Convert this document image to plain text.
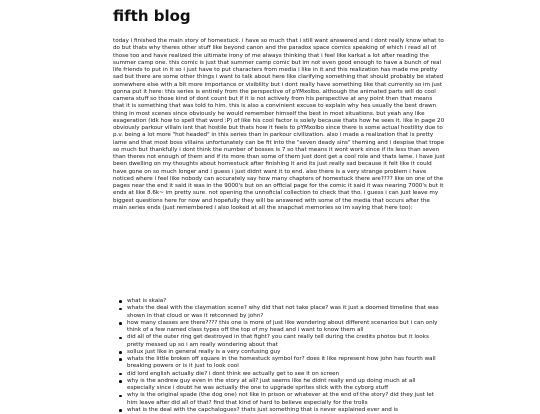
fifth blog

today i finished the main story of homestuck. i have so much that i still want answered and i dont really know what to do but thats why theres other stuff like beyond canon and the paradox space comics speaking of which i read all of those too and have realized the ultimate irony of me always thinking that i feel like karkat a lot after reading the summer camp one. this comic is just that summer camp comic but im not even good enough to have a bunch of real life friends to put in it so i just have to put characters from media i like in it and this realization has made me pretty sad but there are some other things i want to talk about here like clarifying something that should probably be stated somewhere else with a bit more importance or visibility but i dont really have something like that currently so im just gonna put it here: this series is entirely from the perspective of pYMxolbo. although the animated parts will do cool camera stuff so those kind of dont count but if it is not actively from his perspective at any point then that means that it is something that was told to him. this is also a convinient excuse to explain why hes usually the best drawn thing in most scenes since obviously he would remember himself the best in most situations. but yeah any like exageration (idk how to spell that word :P) of like his cool factor is solely because thats how he sees it. like in page 20 obviously parkour villain isnt that hostile but thats how it feels to pYMxolbo since there is some actual hostility due to p.v. being a lot more "hot headed" in this series than in parkour civilization. also i made a realization that is pretty lame and that most boss villains unfortunately can be fit into the "seven deady sins" theming and i despise that trope so much but thankfully i dont think the number of bosses is 7 so that means it wont work since if its less than seven than theres not enough of them and if its more than some of them just dont get a cool role and thats lame. i have just been dwelling on my thoughts about homestuck after finishing it and its just really sad because it felt like it could have gone on so much longer and i guess i just didnt want it to end. also there is a very strange problem i have noticed where i feel like nobody can accurately say how many chapters of homestuck there are???? like on one of the pages near the end it said it was in the 9000's but on an official page for the comic it said it was nearing 7000's but it ends at like 8.6k~ im pretty sure. not opening the unnoficial collection to check that tho. i guess i can just leave my biggest questions here for now and hopefully they will be answered with some of the media that occurs after the main series ends (just remembered i also looked at all the snapchat memories so im saying that here too):

what is skaia?
whats the deal with the claymation scene? why did that not take place? was it just a doomed timeline that was shown in that cloud or was it retconned by john?
how many classes are there???? this one is more of just like wondering about different scenarios but i can only think of a few named class types off the top of my head and i want to know them all
did all of the outer ring get destroyed in that fight? you cant really tell during the credits photos but it looks pretty messed up so i am really wondering about that
sollux just like in general really is a very confusing guy
whats the little broken off square in the homestuck symbol for? does it like represent how john has fourth wall breaking powers or is it just to look cool
did lord english actually die? i dont think we actually get to see it on screen
why is the andrew guy even in the story at all? just seems like he didnt really end up doing much at all especially since i doubt he was actually the one to upgrade sprites slick with the cyborg stuff
why is the original spade (the dog one) not like in prison or whatever at the end of the story? did they just let him leave after did all of that? find that kind of hard to believe especially for the trolls
what is the deal with the capchalogues? thats just something that is never explained ever and is
